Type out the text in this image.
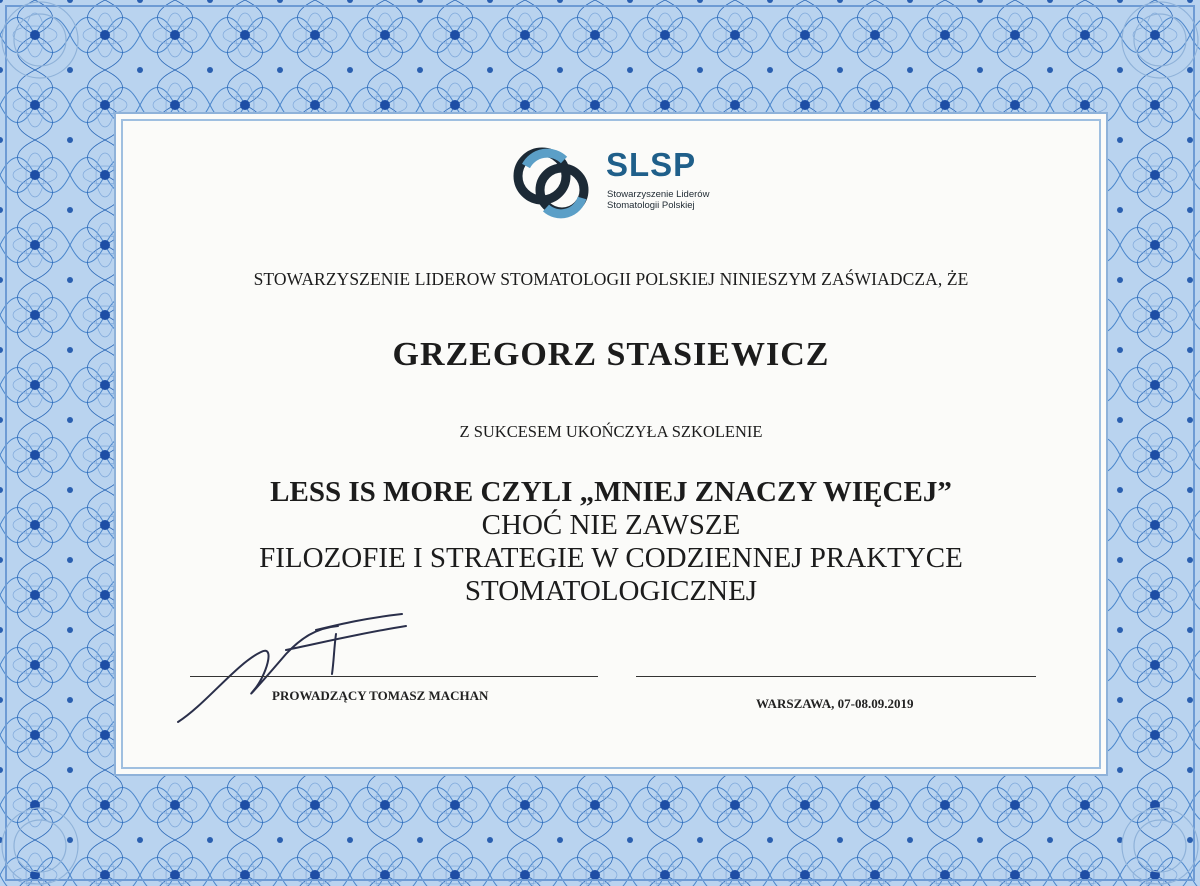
SLSP
Stowarzyszenie Liderów
Stomatologii Polskiej
STOWARZYSZENIE LIDEROW STOMATOLOGII POLSKIEJ NINIESZYM ZAŚWIADCZA, ŻE
GRZEGORZ STASIEWICZ
Z SUKCESEM UKOŃCZYŁA SZKOLENIE
LESS IS MORE CZYLI „MNIEJ ZNACZY WIĘCEJ”
CHOĆ NIE ZAWSZE
FILOZOFIE I STRATEGIE W CODZIENNEJ PRAKTYCE
STOMATOLOGICZNEJ
PROWADZĄCY TOMASZ MACHAN
WARSZAWA, 07-08.09.2019
